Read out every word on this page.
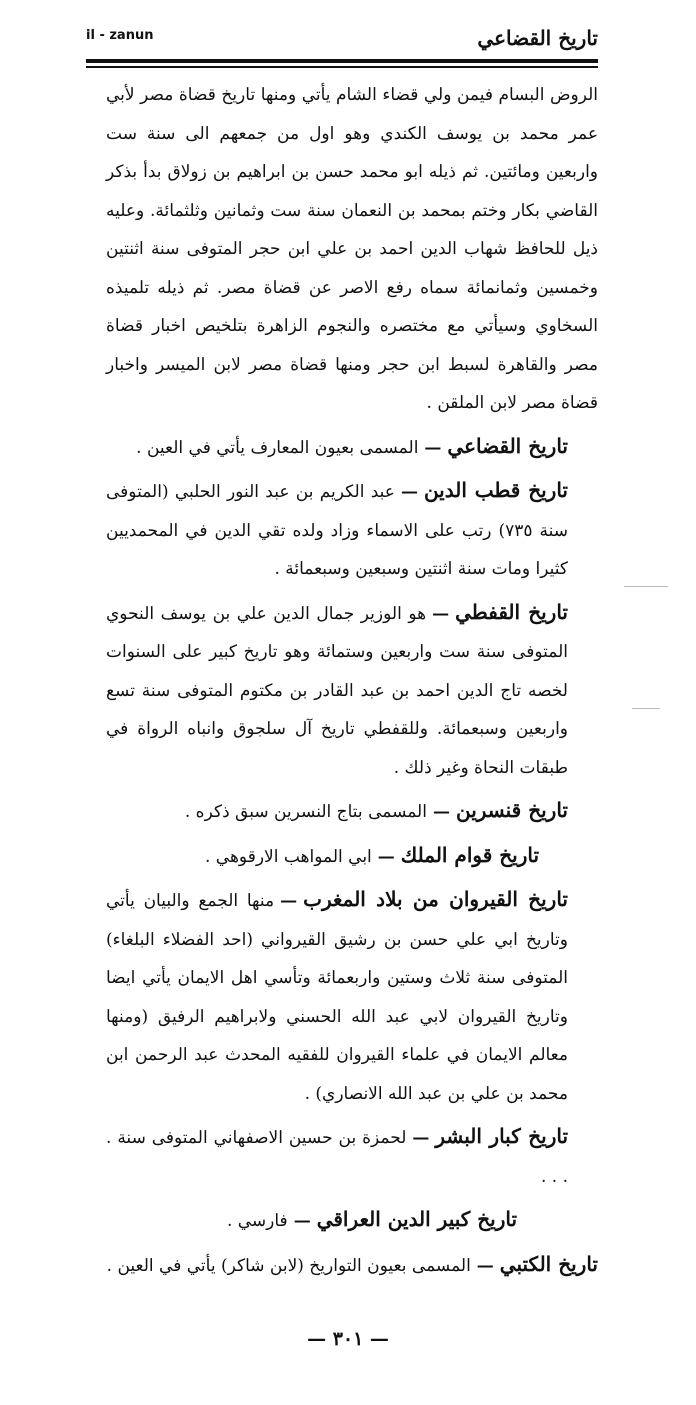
تاريخ القضاعي
il - zanun

الروض البسام فيمن ولي قضاء الشام يأتي ومنها تاريخ قضاة مصر لأبي عمر محمد بن يوسف الكندي وهو اول من جمعهم الى سنة ست واربعين ومائتين. ثم ذيله ابو محمد حسن بن ابراهيم بن زولاق بدأ بذكر القاضي بكار وختم بمحمد بن النعمان سنة ست وثمانين وثلثمائة. وعليه ذيل للحافظ شهاب الدين احمد بن علي ابن حجر المتوفى سنة اثنتين وخمسين وثمانمائة سماه رفع الاصر عن قضاة مصر. ثم ذيله تلميذه السخاوي وسيأتي مع مختصره والنجوم الزاهرة بتلخيص اخبار قضاة مصر والقاهرة لسبط ابن حجر ومنها قضاة مصر لابن الميسر واخبار قضاة مصر لابن الملقن .

تاريخ القضاعي—المسمى بعيون المعارف يأتي في العين .

تاريخ قطب الدين—عبد الكريم بن عبد النور الحلبي (المتوفى سنة ٧٣٥) رتب على الاسماء وزاد ولده تقي الدين في المحمديين كثيرا ومات سنة اثنتين وسبعين وسبعمائة .

تاريخ القفطي—هو الوزير جمال الدين علي بن يوسف النحوي المتوفى سنة ست واربعين وستمائة وهو تاريخ كبير على السنوات لخصه تاج الدين احمد بن عبد القادر بن مكتوم المتوفى سنة تسع واربعين وسبعمائة. وللقفطي تاريخ آل سلجوق وانباه الرواة في طبقات النحاة وغير ذلك .

تاريخ قنسرين—المسمى بتاج النسرين سبق ذكره .

تاريخ قوام الملك—ابي المواهب الارقوهي .

تاريخ القيروان من بلاد المغرب—منها الجمع والبيان يأتي وتاريخ ابي علي حسن بن رشيق القيرواني (احد الفضلاء البلغاء) المتوفى سنة ثلاث وستين واربعمائة وتأسي اهل الايمان يأتي ايضا وتاريخ القيروان لابي عبد الله الحسني ولابراهيم الرفيق (ومنها معالم الايمان في علماء القيروان للفقيه المحدث عبد الرحمن ابن محمد بن علي بن عبد الله الانصاري) .

تاريخ كبار البشر—لحمزة بن حسين الاصفهاني المتوفى سنة . . . .

تاريخ كبير الدين العراقي—فارسي .

تاريخ الكتبي—المسمى بعيون التواريخ (لابن شاكر) يأتي في العين .

— ٣٠١ —
